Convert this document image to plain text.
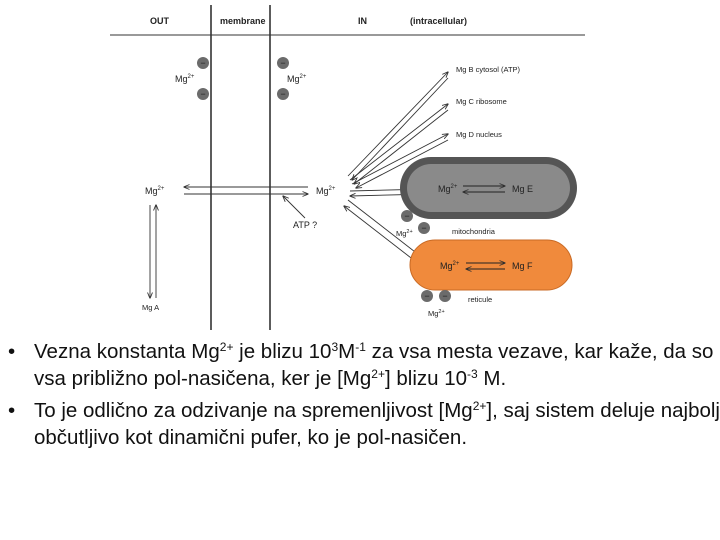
OUT	membrane	IN	(intracellular)
−
−
$Mg^{2+}$
−
−
$Mg^{2+}$
$Mg^{2+}$	$Mg^{2+}$
ATP ?
Mg A
Mg B cytosol (ATP)
Mg C ribosome
Mg D nucleus
$Mg^{2+}$	Mg E
−
−
$Mg^{2+}$	mitochondria
$Mg^{2+}$	Mg F
− −
$Mg^{2+}$
reticule
• Vezna konstanta $Mg^{2+}$ je blizu $10^3M^{-1}$ za vsa mesta vezave, kar kaže, da so vsa približno pol-nasičena, ker je $[Mg^{2+}]$ blizu $10^{-3}$ M.
• To je odlično za odzivanje na spremenljivost $[Mg^{2+}]$, saj sistem deluje najbolj občutljivo kot dinamični pufer, ko je pol-nasičen.
